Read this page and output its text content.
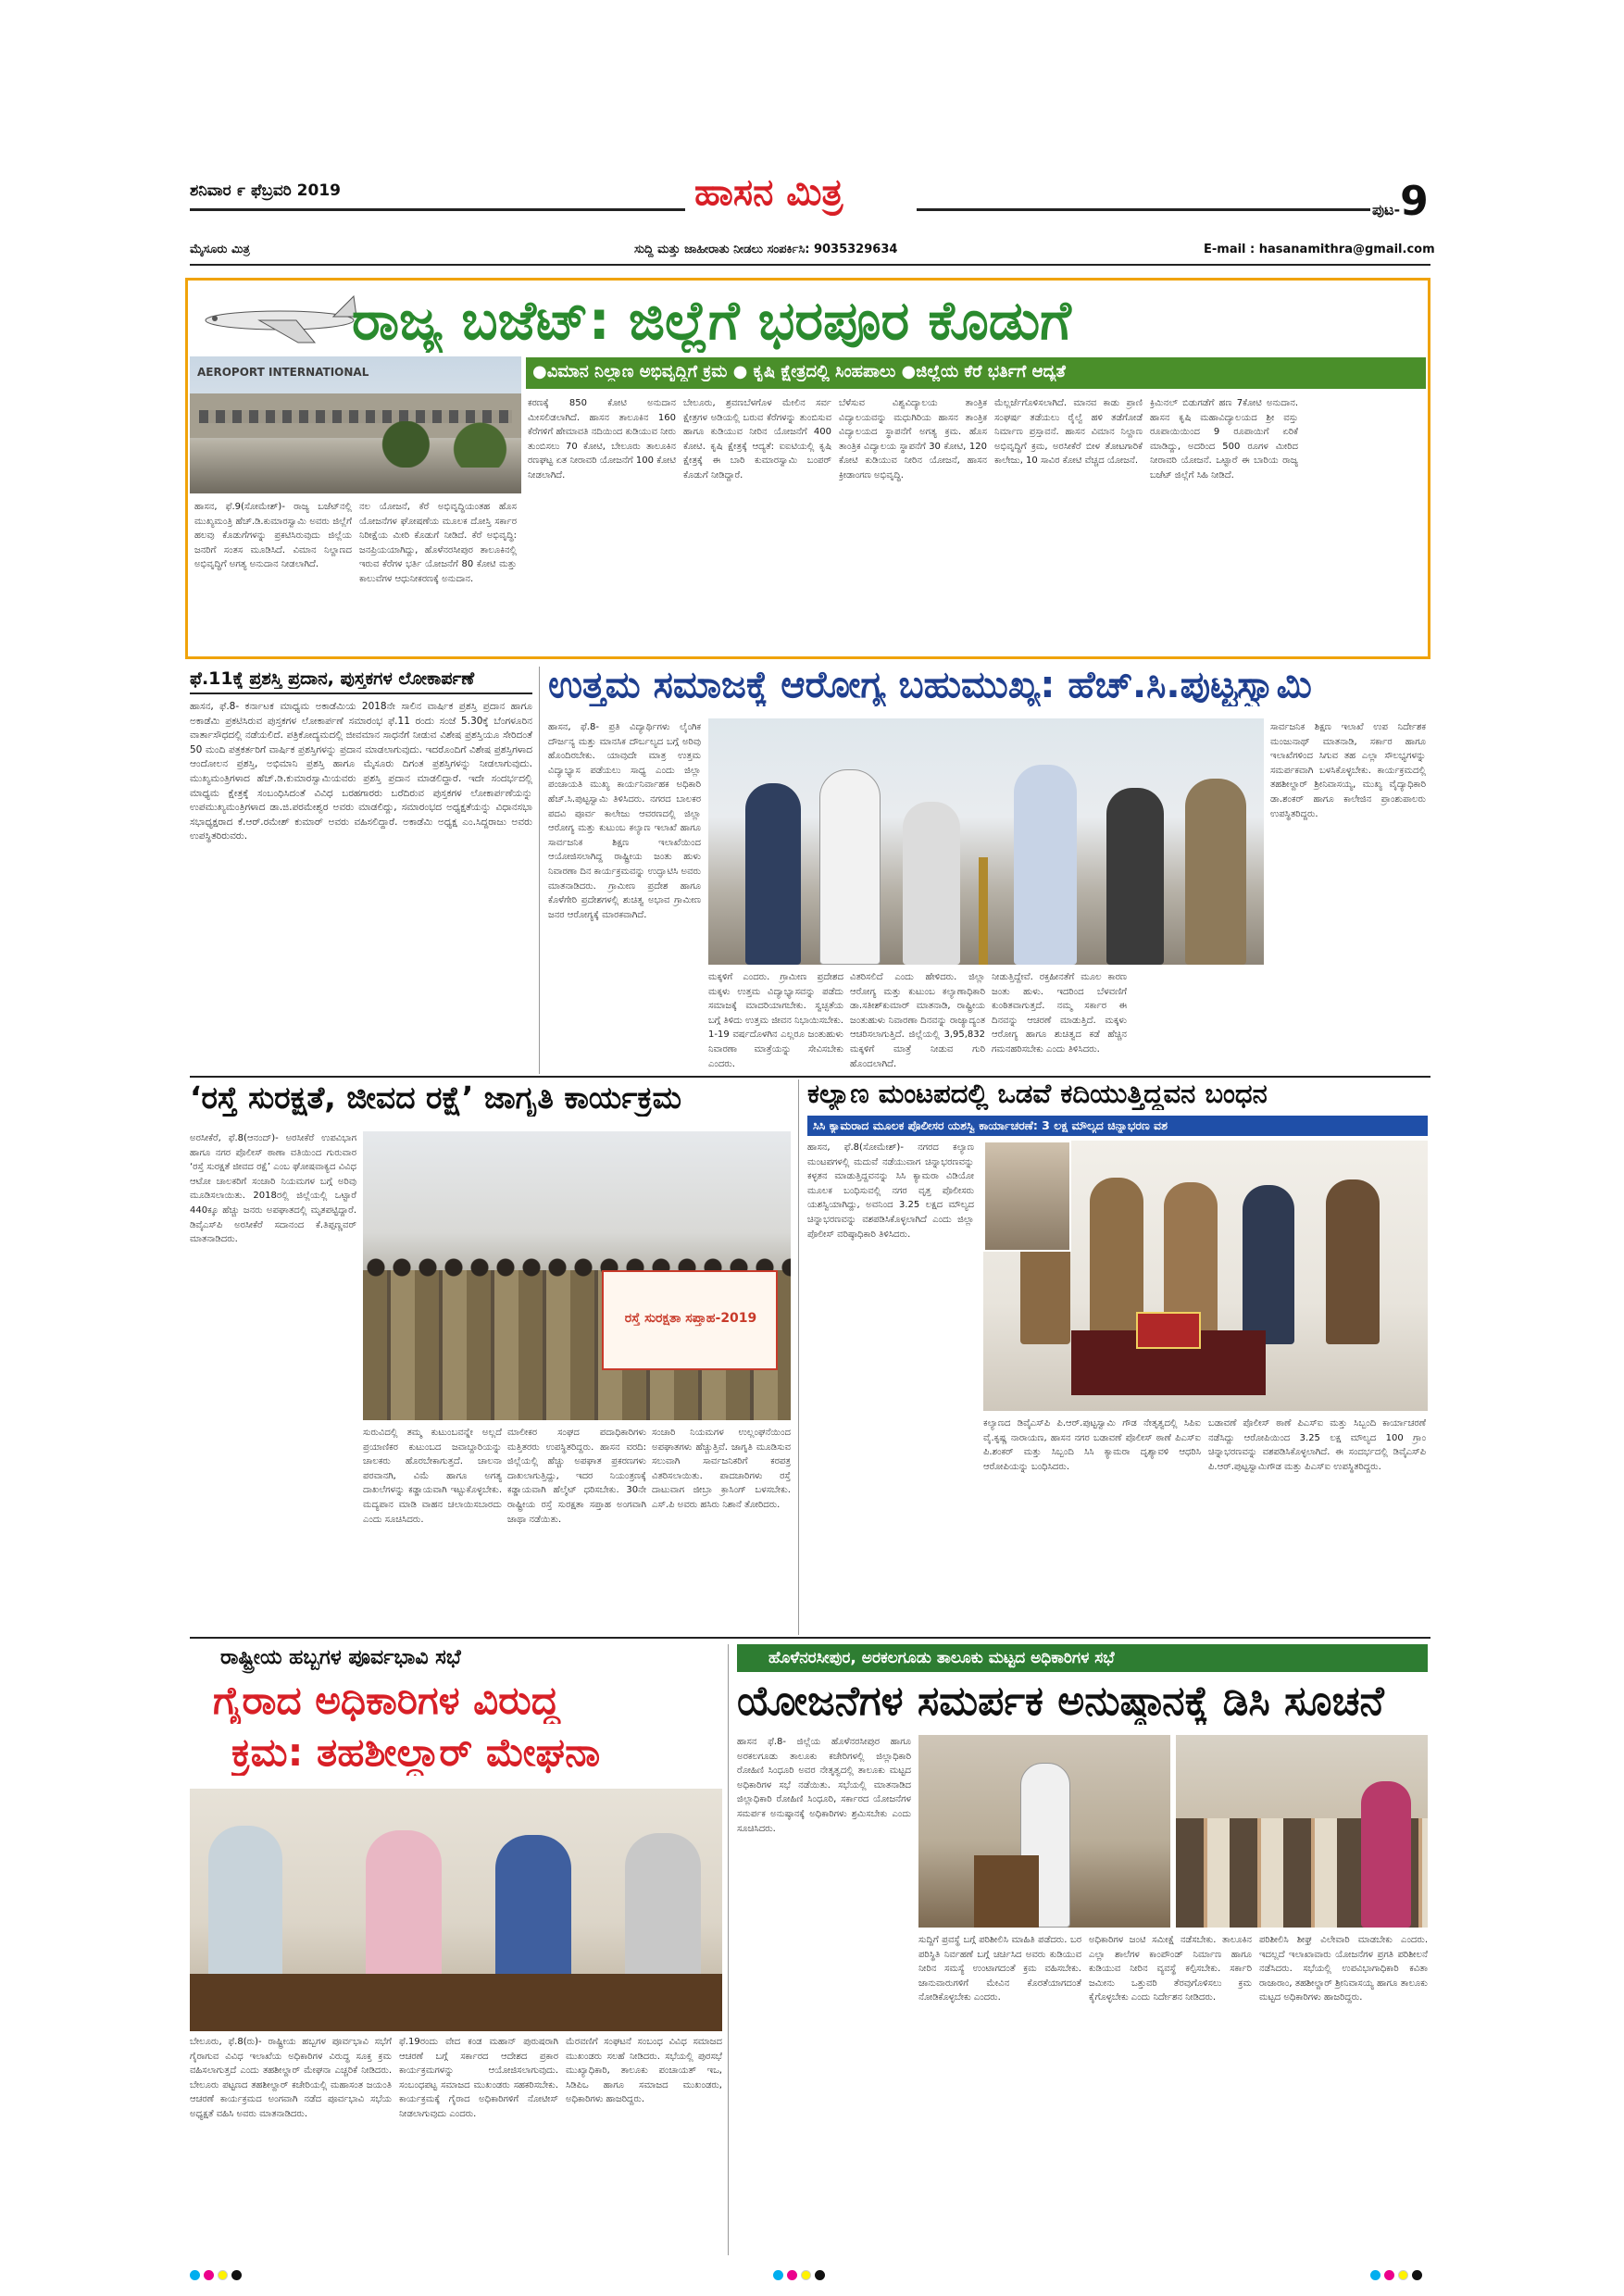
ಶನಿವಾರ ೯ ಫೆಬ್ರವರಿ 2019	ಹಾಸನ ಮಿತ್ರ	ಪುಟ-9
ಮೈಸೂರು ಮಿತ್ರ	ಸುದ್ದಿ ಮತ್ತು ಜಾಹೀರಾತು ನೀಡಲು ಸಂಪರ್ಕಿಸಿ: 9035329634	E-mail : hasanamithra@gmail.com
ರಾಜ್ಯ ಬಜೆಟ್: ಜಿಲ್ಲೆಗೆ ಭರಪೂರ ಕೊಡುಗೆ
AEROPORT INTERNATIONAL	●ವಿಮಾನ ನಿಲ್ದಾಣ ಅಭಿವೃದ್ಧಿಗೆ ಕ್ರಮ ● ಕೃಷಿ ಕ್ಷೇತ್ರದಲ್ಲಿ ಸಿಂಹಪಾಲು ●ಜಿಲ್ಲೆಯ ಕೆರೆ ಭರ್ತಿಗೆ ಆದ್ಯತೆ
ಹಾಸನ, ಫೆ.9(ಸೋಮೇಶ್)- ರಾಜ್ಯ ಬಜೆಟ್‌ನಲ್ಲಿ ಮುಖ್ಯಮಂತ್ರಿ ಹೆಚ್.ಡಿ.ಕುಮಾರಸ್ವಾಮಿ ಅವರು ಜಿಲ್ಲೆಗೆ ಹಲವು ಕೊಡುಗೆಗಳನ್ನು ಪ್ರಕಟಿಸಿರುವುದು ಜಿಲ್ಲೆಯ ಜನರಿಗೆ ಸಂತಸ ಮೂಡಿಸಿದೆ. ವಿಮಾನ ನಿಲ್ದಾಣದ ಅಭಿವೃದ್ಧಿಗೆ ಅಗತ್ಯ ಅನುದಾನ ನೀಡಲಾಗಿದೆ.
ನಲ ಯೋಜನೆ, ಕೆರೆ ಅಭಿವೃದ್ಧಿಯಂತಹ ಹೊಸ ಯೋಜನೆಗಳ ಘೋಷಣೆಯ ಮೂಲಕ ದೋಸ್ತಿ ಸರ್ಕಾರ ನಿರೀಕ್ಷೆಯ ಮೀರಿ ಕೊಡುಗೆ ನೀಡಿದೆ. ಕೆರೆ ಅಭಿವೃದ್ಧಿ: ಜನಪ್ರಿಯಯಾಗಿದ್ದು, ಹೊಳೆನರಸೀಪುರ ತಾಲೂಕಿನಲ್ಲಿ ಇರುವ ಕೆರೆಗಳ ಭರ್ತಿ ಯೋಜನೆಗೆ 80 ಕೋಟಿ ಮತ್ತು ಕಾಲುವೆಗಳ ಆಧುನೀಕರಣಕ್ಕೆ ಅನುದಾನ.
ಕರಣಕ್ಕೆ 850 ಕೋಟಿ ಅನುದಾನ ಮೀಸಲಿಡಲಾಗಿದೆ. ಹಾಸನ ತಾಲೂಕಿನ 160 ಕೆರೆಗಳಿಗೆ ಹೇಮಾವತಿ ನದಿಯಿಂದ ಕುಡಿಯುವ ನೀರು ತುಂಬಿಸಲು 70 ಕೋಟಿ, ಬೇಲೂರು ತಾಲೂಕಿನ ರಣಘಟ್ಟ ಏತ ನೀರಾವರಿ ಯೋಜನೆಗೆ 100 ಕೋಟಿ ನೀಡಲಾಗಿದೆ.
ಬೇಲೂರು, ಶ್ರವಣಬೆಳಗೊಳ ಮೇಲಿನ ಸರ್ವ ಕ್ಷೇತ್ರಗಳ ಅಡಿಯಲ್ಲಿ ಬರುವ ಕೆರೆಗಳನ್ನು ತುಂಬಿಸುವ ಹಾಗೂ ಕುಡಿಯುವ ನೀರಿನ ಯೋಜನೆಗೆ 400 ಕೋಟಿ. ಕೃಷಿ ಕ್ಷೇತ್ರಕ್ಕೆ ಆದ್ಯತೆ: ಐಐಟಿಯಲ್ಲಿ ಕೃಷಿ ಕ್ಷೇತ್ರಕ್ಕೆ ಈ ಬಾರಿ ಕುಮಾರಸ್ವಾಮಿ ಬಂಪರ್ ಕೊಡುಗೆ ನೀಡಿದ್ದಾರೆ.
ಬೆಳೆಸುವ ವಿಶ್ವವಿದ್ಯಾಲಯ ತಾಂತ್ರಿಕ ವಿದ್ಯಾಲಯವನ್ನು ಮಧುಗಿರಿಯ ಹಾಸನ ತಾಂತ್ರಿಕ ವಿದ್ಯಾಲಯದ ಸ್ಥಾಪನೆಗೆ ಅಗತ್ಯ ಕ್ರಮ. ಹೊಸ ತಾಂತ್ರಿಕ ವಿದ್ಯಾಲಯ ಸ್ಥಾಪನೆಗೆ 30 ಕೋಟಿ, 120 ಕೋಟಿ ಕುಡಿಯುವ ನೀರಿನ ಯೋಜನೆ, ಹಾಸನ ಕ್ರೀಡಾಂಗಣ ಅಭಿವೃದ್ಧಿ.
ಮೆಲ್ಲರ್ಜೆಗೊಳಿಸಲಾಗಿದೆ. ಮಾನವ ಕಾಡು ಪ್ರಾಣಿ ಸಂಘರ್ಷ ತಡೆಯಲು ರೈಲ್ವೆ ಹಳಿ ತಡೆಗೋಡೆ ನಿರ್ಮಾಣ ಪ್ರಸ್ತಾವನೆ. ಹಾಸನ ವಿಮಾನ ನಿಲ್ದಾಣ ಅಭಿವೃದ್ಧಿಗೆ ಕ್ರಮ, ಅರಸೀಕೆರೆ ಬೀಳ ತೋಟಗಾರಿಕೆ ಕಾಲೇಜು, 10 ಸಾವಿರ ಕೋಟಿ ವೆಚ್ಚದ ಯೋಜನೆ.
ಕ್ರಿಮಿನಲ್ ಬಿಡುಗಡೆಗೆ ಹಣ 7ಕೋಟಿ ಅನುದಾನ. ಹಾಸನ ಕೃಷಿ ಮಹಾವಿದ್ಯಾಲಯದ ಶ್ರೀ ವಸ್ತು ರೂಪಾಯಿಯಿಂದ 9 ರೂಪಾಯಿಗೆ ಏರಿಕೆ ಮಾಡಿದ್ದು, ಅದರಿಂದ 500 ರೂಗಳ ಮೀರಿದ ನೀರಾವರಿ ಯೋಜನೆ. ಒಟ್ಟಾರೆ ಈ ಬಾರಿಯ ರಾಜ್ಯ ಬಜೆಟ್ ಜಿಲ್ಲೆಗೆ ಸಿಹಿ ನೀಡಿದೆ.
ಫೆ.11ಕ್ಕೆ ಪ್ರಶಸ್ತಿ ಪ್ರದಾನ, ಪುಸ್ತಕಗಳ ಲೋಕಾರ್ಪಣೆ
ಹಾಸನ, ಫೆ.8- ಕರ್ನಾಟಕ ಮಾಧ್ಯಮ ಅಕಾಡೆಮಿಯ 2018ನೇ ಸಾಲಿನ ವಾರ್ಷಿಕ ಪ್ರಶಸ್ತಿ ಪ್ರದಾನ ಹಾಗೂ ಅಕಾಡೆಮಿ ಪ್ರಕಟಿಸಿರುವ ಪುಸ್ತಕಗಳ ಲೋಕಾರ್ಪಣೆ ಸಮಾರಂಭ ಫೆ.11 ರಂದು ಸಂಜೆ 5.30ಕ್ಕೆ ಬೆಂಗಳೂರಿನ ವಾರ್ತಾಸೌಧದಲ್ಲಿ ನಡೆಯಲಿದೆ. ಪತ್ರಿಕೋದ್ಯಮದಲ್ಲಿ ಜೀವಮಾನ ಸಾಧನೆಗೆ ನೀಡುವ ವಿಶೇಷ ಪ್ರಶಸ್ತಿಯೂ ಸೇರಿದಂತೆ 50 ಮಂದಿ ಪತ್ರಕರ್ತರಿಗೆ ವಾರ್ಷಿಕ ಪ್ರಶಸ್ತಿಗಳನ್ನು ಪ್ರದಾನ ಮಾಡಲಾಗುವುದು. ಇದರೊಂದಿಗೆ ವಿಶೇಷ ಪ್ರಶಸ್ತಿಗಳಾದ ಆಂದೋಲನ ಪ್ರಶಸ್ತಿ, ಅಭಿಮಾನಿ ಪ್ರಶಸ್ತಿ ಹಾಗೂ ಮೈಸೂರು ದಿಗಂತ ಪ್ರಶಸ್ತಿಗಳನ್ನು ನೀಡಲಾಗುವುದು. ಮುಖ್ಯಮಂತ್ರಿಗಳಾದ ಹೆಚ್.ಡಿ.ಕುಮಾರಸ್ವಾಮಿಯವರು ಪ್ರಶಸ್ತಿ ಪ್ರದಾನ ಮಾಡಲಿದ್ದಾರೆ. ಇದೇ ಸಂದರ್ಭದಲ್ಲಿ ಮಾಧ್ಯಮ ಕ್ಷೇತ್ರಕ್ಕೆ ಸಂಬಂಧಿಸಿದಂತೆ ವಿವಿಧ ಬರಹಗಾರರು ಬರೆದಿರುವ ಪುಸ್ತಕಗಳ ಲೋಕಾರ್ಪಣೆಯನ್ನು ಉಪಮುಖ್ಯಮಂತ್ರಿಗಳಾದ ಡಾ.ಜಿ.ಪರಮೇಶ್ವರ ಅವರು ಮಾಡಲಿದ್ದು, ಸಮಾರಂಭದ ಅಧ್ಯಕ್ಷತೆಯನ್ನು ವಿಧಾನಸಭಾ ಸಭಾಧ್ಯಕ್ಷರಾದ ಕೆ.ಆರ್.ರಮೇಶ್ ಕುಮಾರ್ ಅವರು ವಹಿಸಲಿದ್ದಾರೆ. ಅಕಾಡೆಮಿ ಅಧ್ಯಕ್ಷ ಎಂ.ಸಿದ್ದರಾಜು ಅವರು ಉಪಸ್ಥಿತರಿರುವರು.
ಉತ್ತಮ ಸಮಾಜಕ್ಕೆ ಆರೋಗ್ಯ ಬಹುಮುಖ್ಯ: ಹೆಚ್.ಸಿ.ಪುಟ್ಟಸ್ವಾಮಿ
ಹಾಸನ, ಫೆ.8- ಪ್ರತಿ ವಿದ್ಯಾರ್ಥಿಗಳು ಲೈಂಗಿಕ ದೌರ್ಜನ್ಯ ಮತ್ತು ಮಾನಸಿಕ ದೌರ್ಬಲ್ಯದ ಬಗ್ಗೆ ಅರಿವು ಹೊಂದಿರಬೇಕು. ಯಾವುದೇ ಮಾತ್ರ ಉತ್ತಮ ವಿದ್ಯಾಭ್ಯಾಸ ಪಡೆಯಲು ಸಾಧ್ಯ ಎಂದು ಜಿಲ್ಲಾ ಪಂಚಾಯತಿ ಮುಖ್ಯ ಕಾರ್ಯನಿರ್ವಾಹಕ ಅಧಿಕಾರಿ ಹೆಚ್.ಸಿ.ಪುಟ್ಟಸ್ವಾಮಿ ತಿಳಿಸಿದರು. ನಗರದ ಬಾಲಕರ ಪದವಿ ಪೂರ್ವ ಕಾಲೇಜು ಆವರಣದಲ್ಲಿ ಜಿಲ್ಲಾ ಆರೋಗ್ಯ ಮತ್ತು ಕುಟುಂಬ ಕಲ್ಯಾಣ ಇಲಾಖೆ ಹಾಗೂ ಸಾರ್ವಜನಿಕ ಶಿಕ್ಷಣ ಇಲಾಖೆಯಿಂದ ಆಯೋಜಿಸಲಾಗಿದ್ದ ರಾಷ್ಟ್ರೀಯ ಜಂತು ಹುಳು ನಿವಾರಣಾ ದಿನ ಕಾರ್ಯಕ್ರಮವನ್ನು ಉದ್ಘಾಟಿಸಿ ಅವರು ಮಾತನಾಡಿದರು. ಗ್ರಾಮೀಣ ಪ್ರದೇಶ ಹಾಗೂ ಕೊಳೆಗೇರಿ ಪ್ರದೇಶಗಳಲ್ಲಿ ಶುಚಿತ್ವ ಅಭಾವ ಗ್ರಾಮೀಣ ಜನರ ಆರೋಗ್ಯಕ್ಕೆ ಮಾರಕವಾಗಿದೆ.
ಮಕ್ಕಳಿಗೆ ಎಂದರು. ಗ್ರಾಮೀಣ ಪ್ರದೇಶದ ಮಕ್ಕಳು ಉತ್ತಮ ವಿದ್ಯಾಭ್ಯಾಸವನ್ನು ಪಡೆದು ಸಮಾಜಕ್ಕೆ ಮಾದರಿಯಾಗಬೇಕು. ಸ್ವಚ್ಛತೆಯ ಬಗ್ಗೆ ತಿಳಿದು ಉತ್ತಮ ಜೀವನ ನಿಭಾಯಿಸಬೇಕು. 1-19 ವರ್ಷದೊಳಗಿನ ಎಲ್ಲರೂ ಜಂತುಹುಳು ನಿವಾರಣಾ ಮಾತ್ರೆಯನ್ನು ಸೇವಿಸಬೇಕು ಎಂದರು.
ವಿತರಿಸಲಿದೆ ಎಂದು ಹೇಳಿದರು. ಜಿಲ್ಲಾ ಆರೋಗ್ಯ ಮತ್ತು ಕುಟುಂಬ ಕಲ್ಯಾಣಾಧಿಕಾರಿ ಡಾ.ಸತೀಶ್‌ಕುಮಾರ್ ಮಾತನಾಡಿ, ರಾಷ್ಟ್ರೀಯ ಜಂತುಹುಳು ನಿವಾರಣಾ ದಿನವನ್ನು ರಾಜ್ಯಾದ್ಯಂತ ಆಚರಿಸಲಾಗುತ್ತಿದೆ. ಜಿಲ್ಲೆಯಲ್ಲಿ 3,95,832 ಮಕ್ಕಳಿಗೆ ಮಾತ್ರೆ ನೀಡುವ ಗುರಿ ಹೊಂದಲಾಗಿದೆ.
ನೀಡುತ್ತಿದ್ದೇವೆ. ರಕ್ತಹೀನತೆಗೆ ಮೂಲ ಕಾರಣ ಜಂತು ಹುಳು. ಇದರಿಂದ ಬೆಳವಣಿಗೆ ಕುಂಠಿತವಾಗುತ್ತದೆ. ನಮ್ಮ ಸರ್ಕಾರ ಈ ದಿನವನ್ನು ಆಚರಣೆ ಮಾಡುತ್ತಿದೆ. ಮಕ್ಕಳು ಆರೋಗ್ಯ ಹಾಗೂ ಶುಚಿತ್ವದ ಕಡೆ ಹೆಚ್ಚಿನ ಗಮನಹರಿಸಬೇಕು ಎಂದು ತಿಳಿಸಿದರು.
ಸಾರ್ವಜನಿಕ ಶಿಕ್ಷಣ ಇಲಾಖೆ ಉಪ ನಿರ್ದೇಶಕ ಮಂಜುನಾಥ್ ಮಾತನಾಡಿ, ಸರ್ಕಾರ ಹಾಗೂ ಇಲಾಖೆಗಳಿಂದ ಸಿಗುವ ತಹ ಎಲ್ಲಾ ಸೌಲಭ್ಯಗಳನ್ನು ಸಮರ್ಪಕವಾಗಿ ಬಳಸಿಕೊಳ್ಳಬೇಕು. ಕಾರ್ಯಕ್ರಮದಲ್ಲಿ ತಹಶೀಲ್ದಾರ್ ಶ್ರೀನಿವಾಸಯ್ಯ, ಮುಖ್ಯ ವೈದ್ಯಾಧಿಕಾರಿ ಡಾ.ಶಂಕರ್ ಹಾಗೂ ಕಾಲೇಜಿನ ಪ್ರಾಂಶುಪಾಲರು ಉಪಸ್ಥಿತರಿದ್ದರು.
‘ರಸ್ತೆ ಸುರಕ್ಷತೆ, ಜೀವದ ರಕ್ಷೆ’ ಜಾಗೃತಿ ಕಾರ್ಯಕ್ರಮ
ಅರಸೀಕೆರೆ, ಫೆ.8(ಆನಂದ್)- ಅರಸೀಕೆರೆ ಉಪವಿಭಾಗ ಹಾಗೂ ನಗರ ಪೊಲೀಸ್ ಠಾಣಾ ವತಿಯಿಂದ ಗುರುವಾರ ‘ರಸ್ತೆ ಸುರಕ್ಷತೆ ಜೀವದ ರಕ್ಷೆ’ ಎಂಬ ಘೋಷವಾಕ್ಯದ ವಿವಿಧ ಆಟೋ ಚಾಲಕರಿಗೆ ಸಂಚಾರಿ ನಿಯಮಗಳ ಬಗ್ಗೆ ಅರಿವು ಮೂಡಿಸಲಾಯಿತು. 2018ರಲ್ಲಿ ಜಿಲ್ಲೆಯಲ್ಲಿ ಒಟ್ಟಾರೆ 440ಕ್ಕೂ ಹೆಚ್ಚು ಜನರು ಅಪಘಾತದಲ್ಲಿ ಮೃತಪಟ್ಟಿದ್ದಾರೆ. ಡಿವೈಎಸ್‌ಪಿ ಅರಸೀಕೆರೆ ಸದಾನಂದ ಕೆ.ತಿಪ್ಪಣ್ಣವರ್ ಮಾತನಾಡಿದರು.
ರಸ್ತೆ ಸುರಕ್ಷತಾ ಸಪ್ತಾಹ-2019
ಸುರುವಿದಲ್ಲಿ ತಮ್ಮ ಕುಟುಂಬವನ್ನೇ ಅಲ್ಲದೆ ಪ್ರಯಾಣಿಕರ ಕುಟುಂಬದ ಜವಾಬ್ದಾರಿಯನ್ನು ಚಾಲಕರು ಹೊರಬೇಕಾಗುತ್ತದೆ. ಚಾಲನಾ ಪರವಾನಗಿ, ವಿಮೆ ಹಾಗೂ ಅಗತ್ಯ ದಾಖಲೆಗಳನ್ನು ಕಡ್ಡಾಯವಾಗಿ ಇಟ್ಟುಕೊಳ್ಳಬೇಕು. ಮದ್ಯಪಾನ ಮಾಡಿ ವಾಹನ ಚಲಾಯಿಸಬಾರದು ಎಂದು ಸೂಚಿಸಿದರು.
ಮಾಲೀಕರ ಸಂಘದ ಪದಾಧಿಕಾರಿಗಳು ಮತ್ತಿತರರು ಉಪಸ್ಥಿತರಿದ್ದರು. ಹಾಸನ ವರದಿ: ಜಿಲ್ಲೆಯಲ್ಲಿ ಹೆಚ್ಚು ಅಪಘಾತ ಪ್ರಕರಣಗಳು ದಾಖಲಾಗುತ್ತಿದ್ದು, ಇದರ ನಿಯಂತ್ರಣಕ್ಕೆ ಕಡ್ಡಾಯವಾಗಿ ಹೆಲ್ಮೆಟ್ ಧರಿಸಬೇಕು. 30ನೇ ರಾಷ್ಟ್ರೀಯ ರಸ್ತೆ ಸುರಕ್ಷತಾ ಸಪ್ತಾಹ ಅಂಗವಾಗಿ ಜಾಥಾ ನಡೆಯಿತು.
ಸಂಚಾರಿ ನಿಯಮಗಳ ಉಲ್ಲಂಘನೆಯಿಂದ ಅಪಘಾತಗಳು ಹೆಚ್ಚುತ್ತಿವೆ. ಜಾಗೃತಿ ಮೂಡಿಸುವ ಸಲುವಾಗಿ ಸಾರ್ವಜನಿಕರಿಗೆ ಕರಪತ್ರ ವಿತರಿಸಲಾಯಿತು. ಪಾದಚಾರಿಗಳು ರಸ್ತೆ ದಾಟುವಾಗ ಜೀಬ್ರಾ ಕ್ರಾಸಿಂಗ್ ಬಳಸಬೇಕು. ಎಸ್.ಪಿ ಅವರು ಹಸಿರು ನಿಶಾನೆ ತೋರಿದರು.
ಕಲ್ಯಾಣ ಮಂಟಪದಲ್ಲಿ ಒಡವೆ ಕದಿಯುತ್ತಿದ್ದವನ ಬಂಧನ
ಸಿಸಿ ಕ್ಯಾಮರಾದ ಮೂಲಕ ಪೊಲೀಸರ ಯಶಸ್ವಿ ಕಾರ್ಯಾಚರಣೆ: 3 ಲಕ್ಷ ಮೌಲ್ಯದ ಚಿನ್ನಾಭರಣ ವಶ
ಹಾಸನ, ಫೆ.8(ಸೋಮೇಶ್)- ನಗರದ ಕಲ್ಯಾಣ ಮಂಟಪಗಳಲ್ಲಿ ಮದುವೆ ನಡೆಯುವಾಗ ಚಿನ್ನಾಭರಣವನ್ನು ಕಳ್ಳತನ ಮಾಡುತ್ತಿದ್ದವನನ್ನು ಸಿಸಿ ಕ್ಯಾಮರಾ ವಿಡಿಯೋ ಮೂಲಕ ಬಂಧಿಸುವಲ್ಲಿ ನಗರ ವೃತ್ತ ಪೊಲೀಸರು ಯಶಸ್ವಿಯಾಗಿದ್ದು, ಅವನಿಂದ 3.25 ಲಕ್ಷದ ಮೌಲ್ಯದ ಚಿನ್ನಾಭರಣವನ್ನು ವಶಪಡಿಸಿಕೊಳ್ಳಲಾಗಿದೆ ಎಂದು ಜಿಲ್ಲಾ ಪೊಲೀಸ್ ವರಿಷ್ಠಾಧಿಕಾರಿ ತಿಳಿಸಿದರು.
ಕಲ್ಯಾಣದ ಡಿವೈಎಸ್‌ಪಿ ಪಿ.ಆರ್.ಪುಟ್ಟಸ್ವಾಮಿ ಗೌಡ ನೇತೃತ್ವದಲ್ಲಿ ಸಿಪಿಐ ವೈ.ಕೃಷ್ಣ ನಾರಾಯಣ, ಹಾಸನ ನಗರ ಬಡಾವಣೆ ಪೊಲೀಸ್ ಠಾಣೆ ಪಿಎಸ್‌ಐ ಪಿ.ಶಂಕರ್ ಮತ್ತು ಸಿಬ್ಬಂದಿ ಸಿಸಿ ಕ್ಯಾಮರಾ ದೃಶ್ಯಾವಳಿ ಆಧರಿಸಿ ಆರೋಪಿಯನ್ನು ಬಂಧಿಸಿದರು.
ಬಡಾವಣೆ ಪೊಲೀಸ್ ಠಾಣೆ ಪಿಎಸ್‌ಐ ಮತ್ತು ಸಿಬ್ಬಂದಿ ಕಾರ್ಯಾಚರಣೆ ನಡೆಸಿದ್ದು ಆರೋಪಿಯಿಂದ 3.25 ಲಕ್ಷ ಮೌಲ್ಯದ 100 ಗ್ರಾಂ ಚಿನ್ನಾಭರಣವನ್ನು ವಶಪಡಿಸಿಕೊಳ್ಳಲಾಗಿದೆ. ಈ ಸಂದರ್ಭದಲ್ಲಿ ಡಿವೈಎಸ್‌ಪಿ ಪಿ.ಆರ್.ಪುಟ್ಟಸ್ವಾಮಿಗೌಡ ಮತ್ತು ಪಿಎಸ್‌ಐ ಉಪಸ್ಥಿತರಿದ್ದರು.
ರಾಷ್ಟ್ರೀಯ ಹಬ್ಬಗಳ ಪೂರ್ವಭಾವಿ ಸಭೆ
ಗೈರಾದ ಅಧಿಕಾರಿಗಳ ವಿರುದ್ಧ
ಕ್ರಮ: ತಹಶೀಲ್ದಾರ್ ಮೇಘನಾ
ಬೇಲೂರು, ಫೆ.8(ರು)- ರಾಷ್ಟ್ರೀಯ ಹಬ್ಬಗಳ ಪೂರ್ವಭಾವಿ ಸಭೆಗೆ ಗೈರಾಗುವ ವಿವಿಧ ಇಲಾಖೆಯ ಅಧಿಕಾರಿಗಳ ವಿರುದ್ಧ ಸೂಕ್ತ ಕ್ರಮ ವಹಿಸಲಾಗುತ್ತದೆ ಎಂದು ತಹಶೀಲ್ದಾರ್ ಮೇಘನಾ ಎಚ್ಚರಿಕೆ ನೀಡಿದರು. ಬೇಲೂರು ಪಟ್ಟಣದ ತಹಶೀಲ್ದಾರ್ ಕಚೇರಿಯಲ್ಲಿ ಮಹಾಸಂತ ಜಯಂತಿ ಆಚರಣೆ ಕಾರ್ಯಕ್ರಮದ ಅಂಗವಾಗಿ ನಡೆದ ಪೂರ್ವಭಾವಿ ಸಭೆಯ ಅಧ್ಯಕ್ಷತೆ ವಹಿಸಿ ಅವರು ಮಾತನಾಡಿದರು.
ಫೆ.19ರಂದು ವೇದ ಕಂಡ ಮಹಾನ್ ಪುರುಷರಾಗಿ ಆಚರಣೆ ಬಗ್ಗೆ ಸರ್ಕಾರದ ಆದೇಶದ ಪ್ರಕಾರ ಕಾರ್ಯಕ್ರಮಗಳನ್ನು ಆಯೋಜಿಸಲಾಗುವುದು. ಸಂಬಂಧಪಟ್ಟ ಸಮಾಜದ ಮುಖಂಡರು ಸಹಕರಿಸಬೇಕು. ಕಾರ್ಯಕ್ರಮಕ್ಕೆ ಗೈರಾದ ಅಧಿಕಾರಿಗಳಿಗೆ ನೋಟೀಸ್ ನೀಡಲಾಗುವುದು ಎಂದರು.
ಮೆರವಣಿಗೆ ಸಂಘಟನೆ ಸಂಬಂಧ ವಿವಿಧ ಸಮಾಜದ ಮುಖಂಡರು ಸಲಹೆ ನೀಡಿದರು. ಸಭೆಯಲ್ಲಿ ಪುರಸಭೆ ಮುಖ್ಯಾಧಿಕಾರಿ, ತಾಲೂಕು ಪಂಚಾಯತ್ ಇಒ, ಸಿಡಿಪಿಒ ಹಾಗೂ ಸಮಾಜದ ಮುಖಂಡರು, ಅಧಿಕಾರಿಗಳು ಹಾಜರಿದ್ದರು.
ಹೊಳೆನರಸೀಪುರ, ಅರಕಲಗೂಡು ತಾಲೂಕು ಮಟ್ಟದ ಅಧಿಕಾರಿಗಳ ಸಭೆ
ಯೋಜನೆಗಳ ಸಮರ್ಪಕ ಅನುಷ್ಠಾನಕ್ಕೆ ಡಿಸಿ ಸೂಚನೆ
ಹಾಸನ ಫೆ.8- ಜಿಲ್ಲೆಯ ಹೊಳೆನರಸೀಪುರ ಹಾಗೂ ಅರಕಲಗೂಡು ತಾಲೂಕು ಕಚೇರಿಗಳಲ್ಲಿ ಜಿಲ್ಲಾಧಿಕಾರಿ ರೋಹಿಣಿ ಸಿಂಧೂರಿ ಅವರ ನೇತೃತ್ವದಲ್ಲಿ ತಾಲೂಕು ಮಟ್ಟದ ಅಧಿಕಾರಿಗಳ ಸಭೆ ನಡೆಯಿತು. ಸಭೆಯಲ್ಲಿ ಮಾತನಾಡಿದ ಜಿಲ್ಲಾಧಿಕಾರಿ ರೋಹಿಣಿ ಸಿಂಧೂರಿ, ಸರ್ಕಾರದ ಯೋಜನೆಗಳ ಸಮರ್ಪಕ ಅನುಷ್ಠಾನಕ್ಕೆ ಅಧಿಕಾರಿಗಳು ಶ್ರಮಿಸಬೇಕು ಎಂದು ಸೂಚಿಸಿದರು.
ಸುದ್ದಿಗೆ ಪ್ರವಸ್ಥೆ ಬಗ್ಗೆ ಪರಿಶೀಲಿಸಿ ಮಾಹಿತಿ ಪಡೆದರು. ಬರ ಪರಿಸ್ಥಿತಿ ನಿರ್ವಹಣೆ ಬಗ್ಗೆ ಚರ್ಚಿಸಿದ ಅವರು ಕುಡಿಯುವ ನೀರಿನ ಸಮಸ್ಯೆ ಉಂಟಾಗದಂತೆ ಕ್ರಮ ವಹಿಸಬೇಕು. ಜಾನುವಾರುಗಳಿಗೆ ಮೇವಿನ ಕೊರತೆಯಾಗದಂತೆ ನೋಡಿಕೊಳ್ಳಬೇಕು ಎಂದರು.
ಅಧಿಕಾರಿಗಳ ಜಂಟಿ ಸಮೀಕ್ಷೆ ನಡೆಸಬೇಕು. ತಾಲೂಕಿನ ಎಲ್ಲಾ ಶಾಲೆಗಳ ಕಾಂಪೌಂಡ್ ನಿರ್ಮಾಣ ಹಾಗೂ ಕುಡಿಯುವ ನೀರಿನ ವ್ಯವಸ್ಥೆ ಕಲ್ಪಿಸಬೇಕು. ಸರ್ಕಾರಿ ಜಮೀನು ಒತ್ತುವರಿ ತೆರವುಗೊಳಿಸಲು ಕ್ರಮ ಕೈಗೊಳ್ಳಬೇಕು ಎಂದು ನಿರ್ದೇಶನ ನೀಡಿದರು.
ಪರಿಶೀಲಿಸಿ ಶೀಘ್ರ ವಿಲೇವಾರಿ ಮಾಡಬೇಕು ಎಂದರು. ಇದಲ್ಲದೆ ಇಲಾಖಾವಾರು ಯೋಜನೆಗಳ ಪ್ರಗತಿ ಪರಿಶೀಲನೆ ನಡೆಸಿದರು. ಸಭೆಯಲ್ಲಿ ಉಪವಿಭಾಗಾಧಿಕಾರಿ ಕವಿತಾ ರಾಜಾರಾಂ, ತಹಶೀಲ್ದಾರ್ ಶ್ರೀನಿವಾಸಯ್ಯ ಹಾಗೂ ತಾಲೂಕು ಮಟ್ಟದ ಅಧಿಕಾರಿಗಳು ಹಾಜರಿದ್ದರು.
